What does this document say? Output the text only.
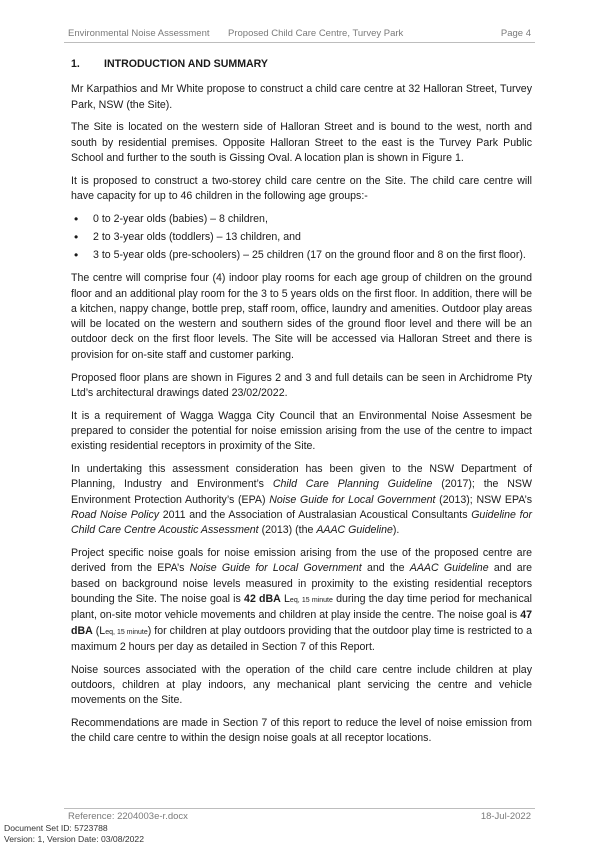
Environmental Noise Assessment Proposed Child Care Centre, Turvey Park	Page 4
1. INTRODUCTION AND SUMMARY

Mr Karpathios and Mr White propose to construct a child care centre at 32 Halloran Street, Turvey Park, NSW (the Site).

The Site is located on the western side of Halloran Street and is bound to the west, north and south by residential premises. Opposite Halloran Street to the east is the Turvey Park Public School and further to the south is Gissing Oval. A location plan is shown in Figure 1.

It is proposed to construct a two-storey child care centre on the Site. The child care centre will have capacity for up to 46 children in the following age groups:-

• 0 to 2-year olds (babies) – 8 children,
• 2 to 3-year olds (toddlers) – 13 children, and
• 3 to 5-year olds (pre-schoolers) – 25 children (17 on the ground floor and 8 on the first floor).

The centre will comprise four (4) indoor play rooms for each age group of children on the ground floor and an additional play room for the 3 to 5 years olds on the first floor. In addition, there will be a kitchen, nappy change, bottle prep, staff room, office, laundry and amenities. Outdoor play areas will be located on the western and southern sides of the ground floor level and there will be an outdoor deck on the first floor levels. The Site will be accessed via Halloran Street and there is provision for on-site staff and customer parking.

Proposed floor plans are shown in Figures 2 and 3 and full details can be seen in Archidrome Pty Ltd’s architectural drawings dated 23/02/2022.

It is a requirement of Wagga Wagga City Council that an Environmental Noise Assesment be prepared to consider the potential for noise emission arising from the use of the centre to impact existing residential receptors in proximity of the Site.

In undertaking this assessment consideration has been given to the NSW Department of Planning, Industry and Environment’s Child Care Planning Guideline (2017); the NSW Environment Protection Authority’s (EPA) Noise Guide for Local Government (2013); NSW EPA’s Road Noise Policy 2011 and the Association of Australasian Acoustical Consultants Guideline for Child Care Centre Acoustic Assessment (2013) (the AAAC Guideline).

Project specific noise goals for noise emission arising from the use of the proposed centre are derived from the EPA’s Noise Guide for Local Government and the AAAC Guideline and are based on background noise levels measured in proximity to the existing residential receptors bounding the Site. The noise goal is 42 dBA Leq, 15 minute during the day time period for mechanical plant, on-site motor vehicle movements and children at play inside the centre. The noise goal is 47 dBA (Leq, 15 minute) for children at play outdoors providing that the outdoor play time is restricted to a maximum 2 hours per day as detailed in Section 7 of this Report.

Noise sources associated with the operation of the child care centre include children at play outdoors, children at play indoors, any mechanical plant servicing the centre and vehicle movements on the Site.

Recommendations are made in Section 7 of this report to reduce the level of noise emission from the child care centre to within the design noise goals at all receptor locations.

Reference: 2204003e-r.docx	18-Jul-2022
Document Set ID: 5723788
Version: 1, Version Date: 03/08/2022
